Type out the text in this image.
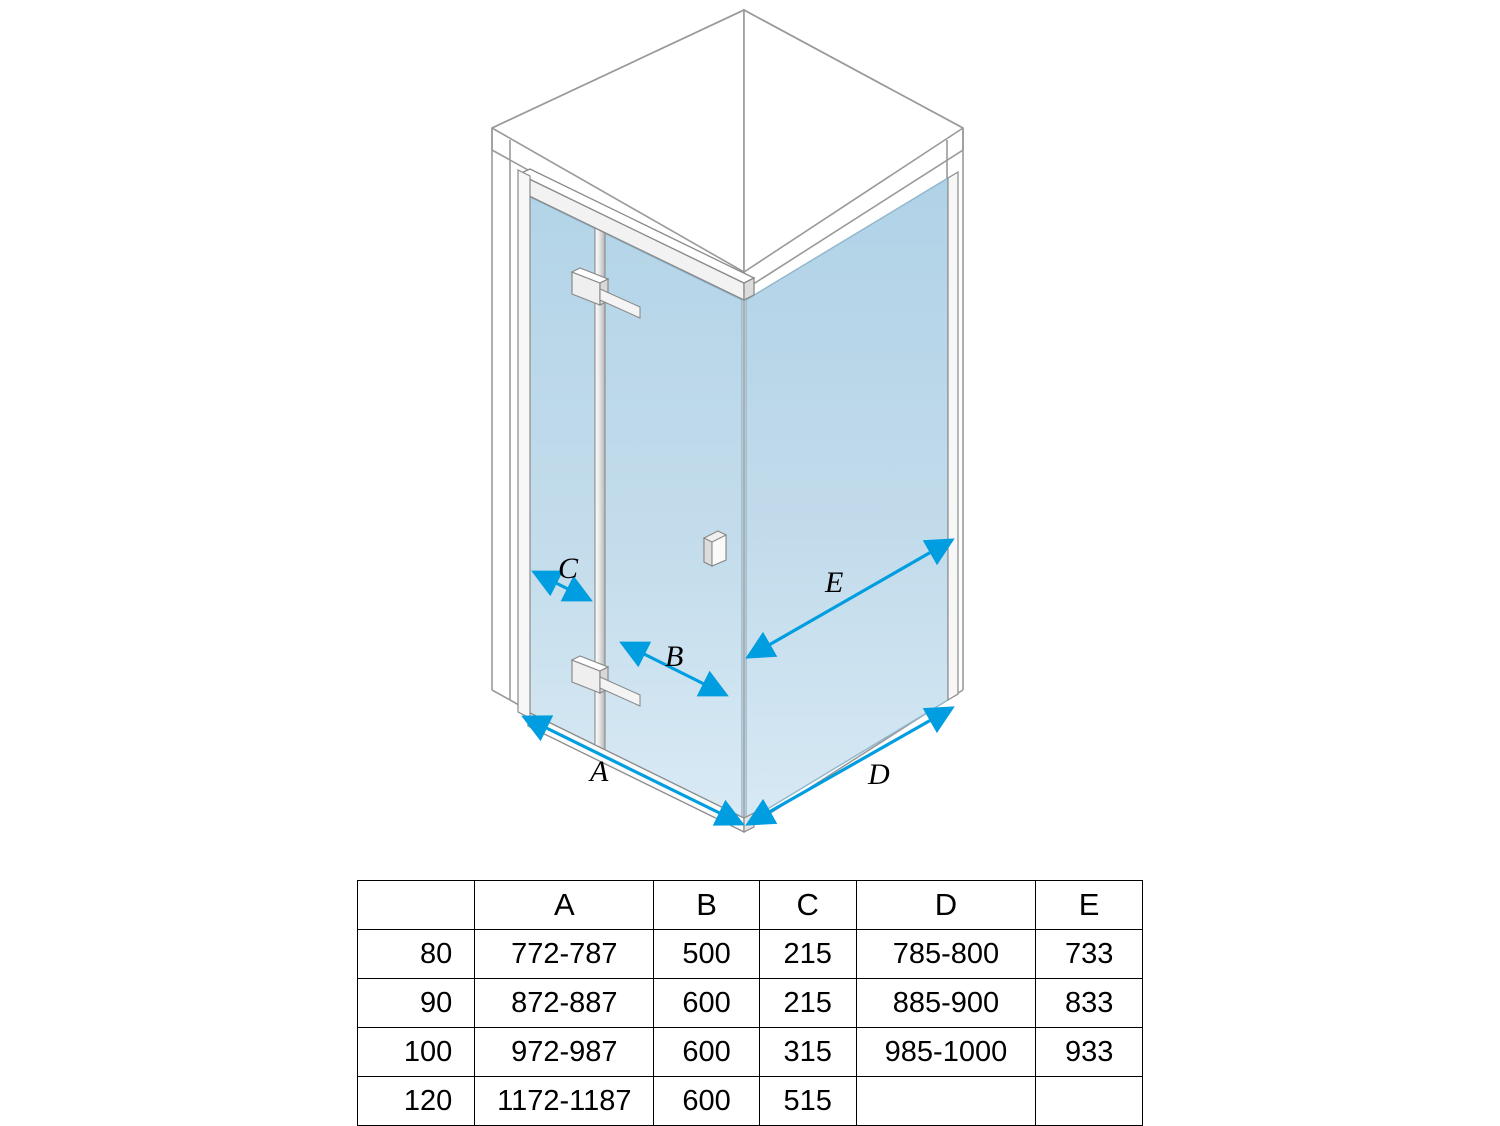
A
B
C
D
E
	A	B	C	D	E
80	772-787	500	215	785-800	733
90	872-887	600	215	885-900	833
100	972-987	600	315	985-1000	933
120	1172-1187	600	515		
